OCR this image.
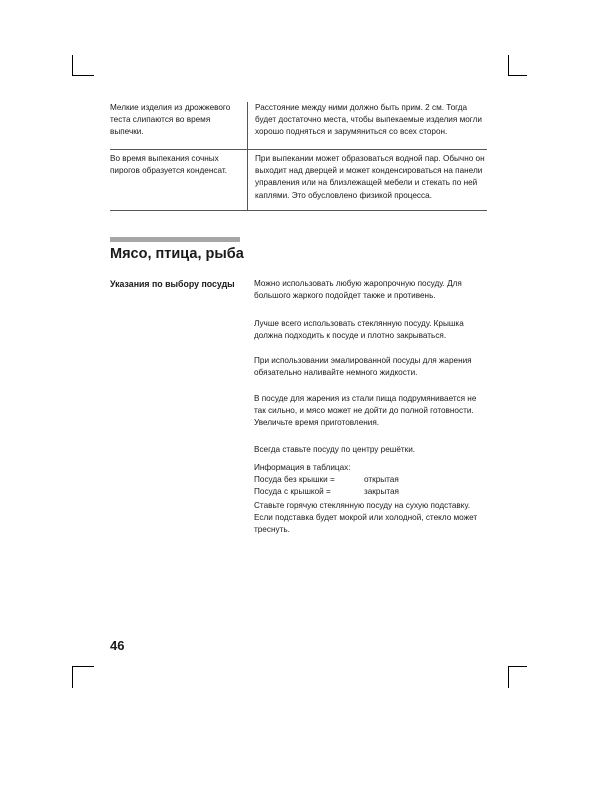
Мелкие изделия из дрожжевого теста слипаются во время выпечки.
Расстояние между ними должно быть прим. 2 см. Тогда будет достаточно места, чтобы выпекаемые изделия могли хорошо подняться и зарумяниться со всех сторон.
Во время выпекания сочных пирогов образуется конденсат.
При выпекании может образоваться водной пар. Обычно он выходит над дверцей и может конденсироваться на панели управления или на близлежащей мебели и стекать по ней каплями. Это обусловлено физикой процесса.
Мясо, птица, рыба
Указания по выбору посуды Можно использовать любую жаропрочную посуду. Для большого жаркого подойдет также и противень.

Лучше всего использовать стеклянную посуду. Крышка должна подходить к посуде и плотно закрываться.

При использовании эмалированной посуды для жарения обязательно наливайте немного жидкости.

В посуде для жарения из стали пища подрумянивается не так сильно, и мясо может не дойти до полной готовности. Увеличьте время приготовления.

Всегда ставьте посуду по центру решётки.

Информация в таблицах:

Посуда без крышки =	открытая
Посуда с крышкой =	закрытая

Ставьте горячую стеклянную посуду на сухую подставку. Если подставка будет мокрой или холодной, стекло может треснуть.

46
